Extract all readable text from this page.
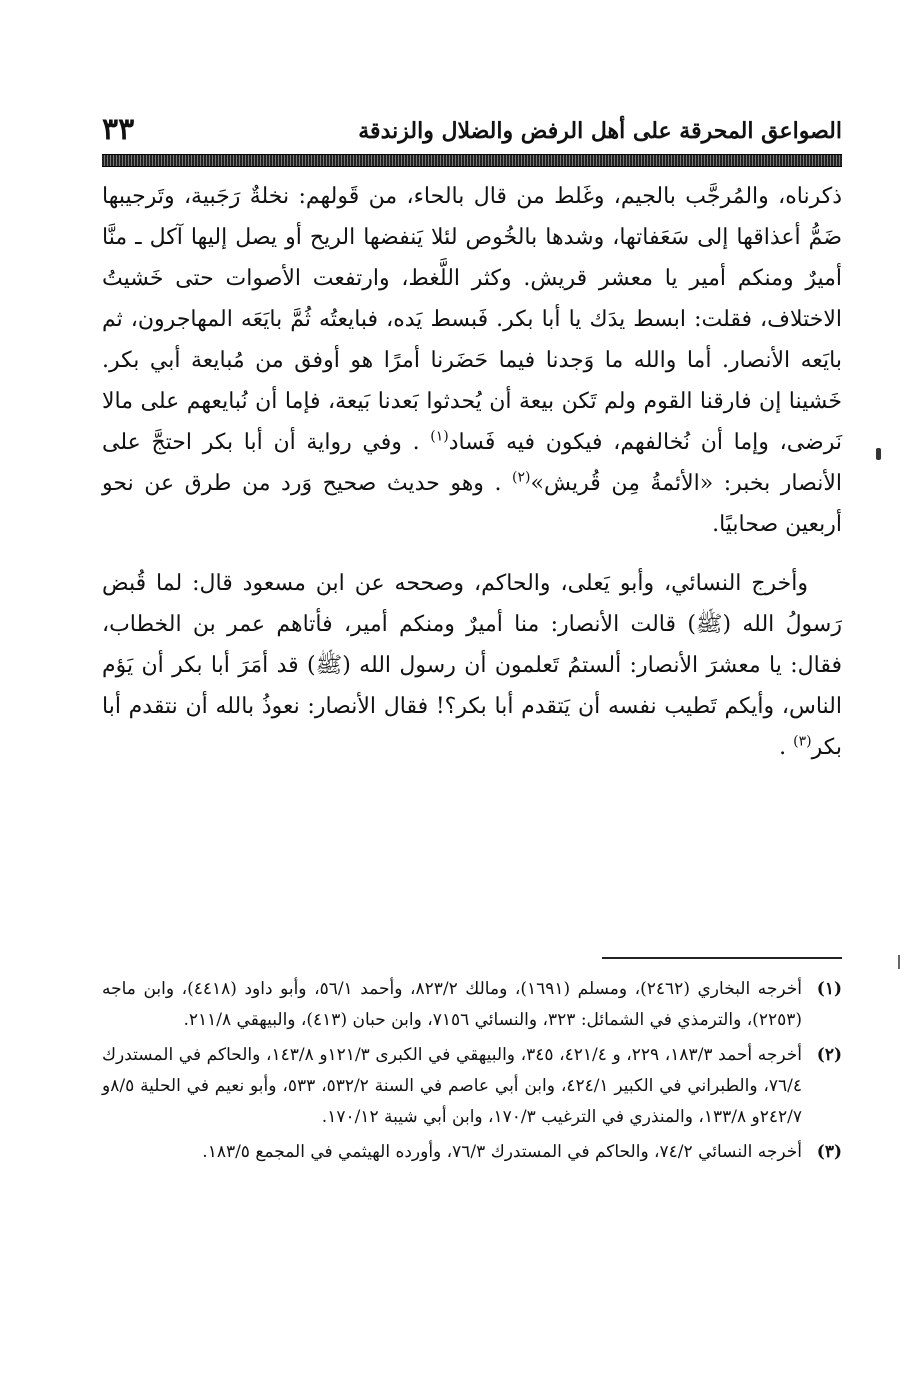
الصواعق المحرقة على أهل الرفض والضلال والزندقة
٣٣

ذكرناه، والمُرجَّب بالجيم، وغَلط من قال بالحاء، من قَولهم: نخلةٌ رَجَبية، وتَرجيبها ضَمُّ أعذاقها إلى سَعَفاتها، وشدها بالخُوص لئلا يَنفضها الريح أو يصل إليها آكل ـ منَّا أميرٌ ومنكم أمير يا معشر قريش. وكثر اللَّغط، وارتفعت الأصوات حتى خَشيتُ الاختلاف، فقلت: ابسط يدَك يا أبا بكر. فَبسط يَده، فبايعتُه ثُمَّ بايَعَه المهاجرون، ثم بايَعه الأنصار. أما والله ما وَجدنا فيما حَضَرنا أمرًا هو أوفق من مُبايعة أبي بكر. خَشينا إن فارقنا القوم ولم تَكن بيعة أن يُحدثوا بَعدنا بَيعة، فإما أن نُبايعهم على مالا نَرضى، وإما أن نُخالفهم، فيكون فيه فَساد$^{(١)}$ . وفي رواية أن أبا بكر احتجَّ على الأنصار بخبر: «الأئمةُ مِن قُريش»$^{(٢)}$ . وهو حديث صحيح وَرد من طرق عن نحو أربعين صحابيًا.

وأخرج النسائي، وأبو يَعلى، والحاكم، وصححه عن ابن مسعود قال: لما قُبض رَسولُ الله (ﷺ) قالت الأنصار: منا أميرٌ ومنكم أمير، فأتاهم عمر بن الخطاب، فقال: يا معشرَ الأنصار: ألستمُ تَعلمون أن رسول الله (ﷺ) قد أمَرَ أبا بكر أن يَؤم الناس، وأيكم تَطيب نفسه أن يَتقدم أبا بكر؟! فقال الأنصار: نعوذُ بالله أن نتقدم أبا بكر$^{(٣)}$ .

(١)
أخرجه البخاري (٢٤٦٢)، ومسلم (١٦٩١)، ومالك ٨٢٣/٢، وأحمد ٥٦/١، وأبو داود (٤٤١٨)، وابن ماجه (٢٢٥٣)، والترمذي في الشمائل: ٣٢٣، والنسائي ٧١٥٦، وابن حبان (٤١٣)، والبيهقي ٢١١/٨.

(٢)
أخرجه أحمد ١٨٣/٣، ٢٢٩، و ٤٢١/٤، ٣٤٥، والبيهقي في الكبرى ١٢١/٣و ١٤٣/٨، والحاكم في المستدرك ٧٦/٤، والطبراني في الكبير ٤٢٤/١، وابن أبي عاصم في السنة ٥٣٢/٢، ٥٣٣، وأبو نعيم في الحلية ٨/٥و ٢٤٢/٧و ١٣٣/٨، والمنذري في الترغيب ١٧٠/٣، وابن أبي شيبة ١٧٠/١٢.

(٣)
أخرجه النسائي ٧٤/٢، والحاكم في المستدرك ٧٦/٣، وأورده الهيثمي في المجمع ١٨٣/٥.
